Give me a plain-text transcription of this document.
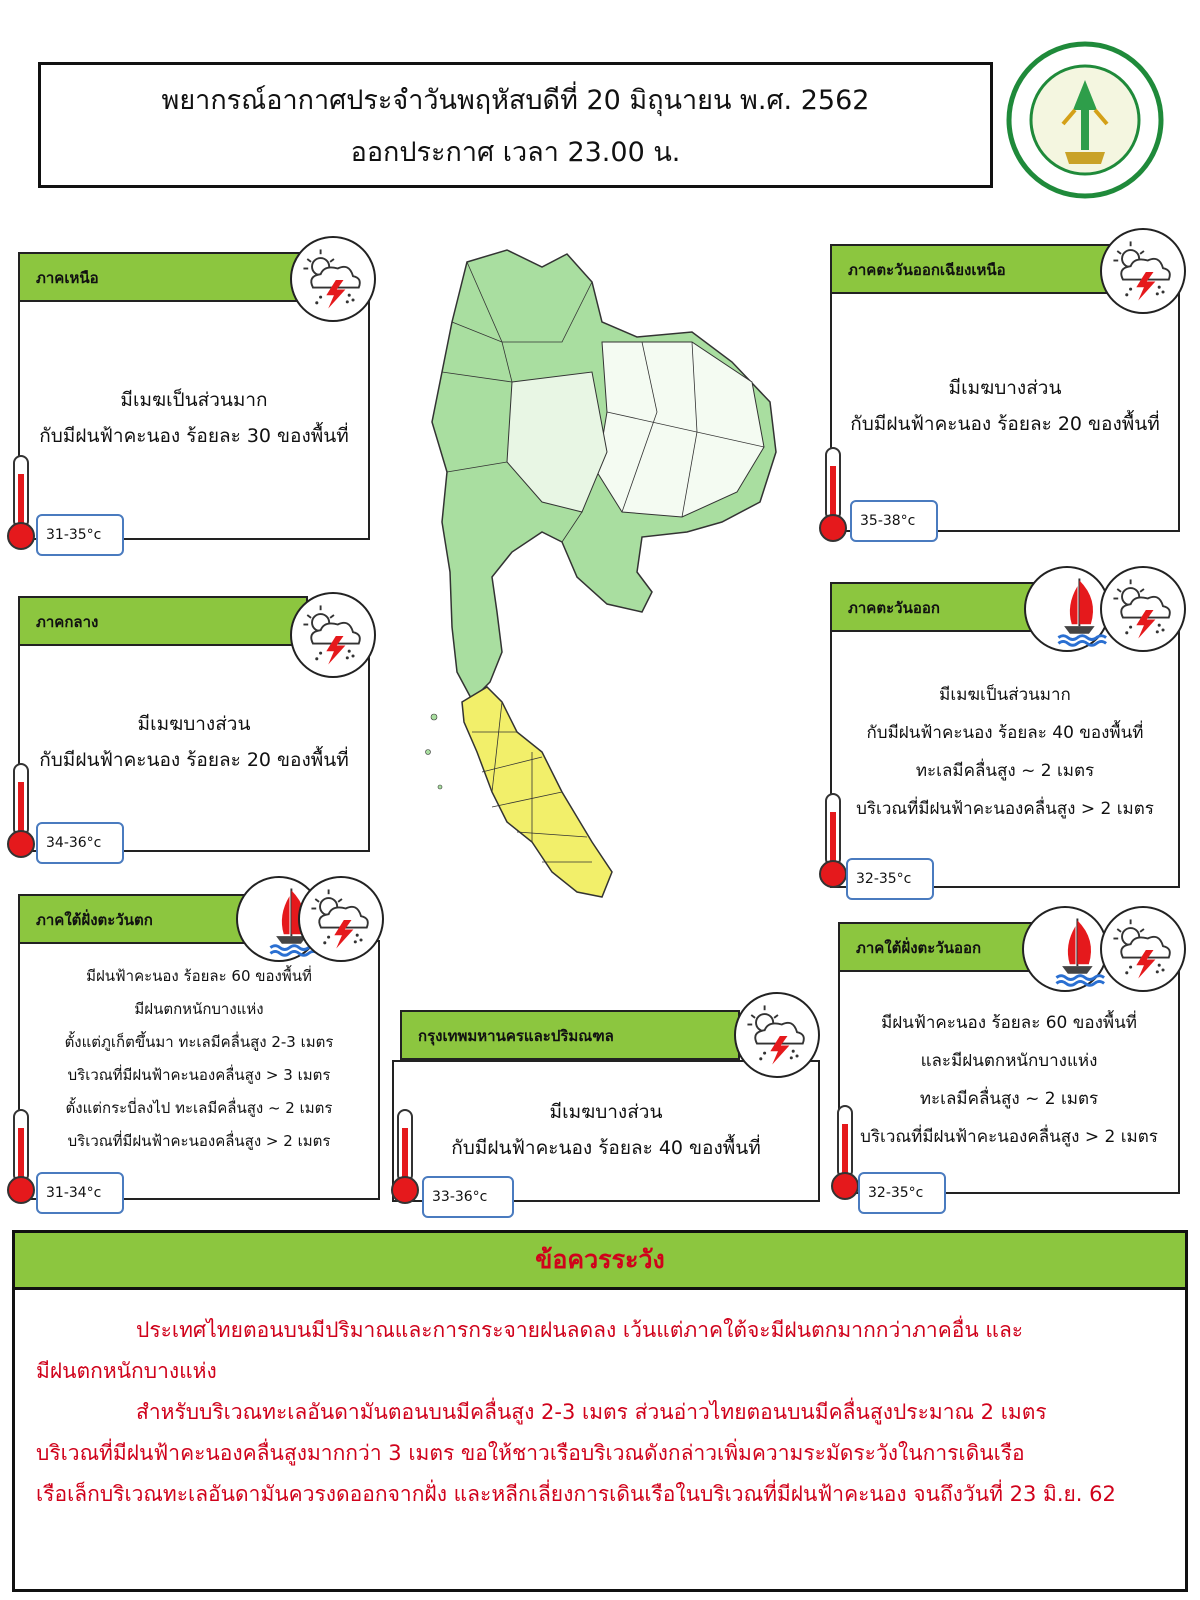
พยากรณ์อากาศประจำวันพฤหัสบดีที่ 20 มิถุนายน พ.ศ. 2562
ออกประกาศ เวลา 23.00 น.
ภาคเหนือ
มีเมฆเป็นส่วนมาก
กับมีฝนฟ้าคะนอง ร้อยละ 30 ของพื้นที่
31-35°c
ภาคตะวันออกเฉียงเหนือ
มีเมฆบางส่วน
กับมีฝนฟ้าคะนอง ร้อยละ 20 ของพื้นที่
35-38°c
ภาคกลาง
มีเมฆบางส่วน
กับมีฝนฟ้าคะนอง ร้อยละ 20 ของพื้นที่
34-36°c
ภาคตะวันออก
มีเมฆเป็นส่วนมาก
กับมีฝนฟ้าคะนอง ร้อยละ 40 ของพื้นที่
ทะเลมีคลื่นสูง ~ 2 เมตร
บริเวณที่มีฝนฟ้าคะนองคลื่นสูง > 2 เมตร
32-35°c
ภาคใต้ฝั่งตะวันตก
มีฝนฟ้าคะนอง ร้อยละ 60 ของพื้นที่
มีฝนตกหนักบางแห่ง
ตั้งแต่ภูเก็ตขึ้นมา ทะเลมีคลื่นสูง 2-3 เมตร
บริเวณที่มีฝนฟ้าคะนองคลื่นสูง > 3 เมตร
ตั้งแต่กระบี่ลงไป ทะเลมีคลื่นสูง ~ 2 เมตร
บริเวณที่มีฝนฟ้าคะนองคลื่นสูง > 2 เมตร
31-34°c
กรุงเทพมหานครและปริมณฑล
มีเมฆบางส่วน
กับมีฝนฟ้าคะนอง ร้อยละ 40 ของพื้นที่
33-36°c
ภาคใต้ฝั่งตะวันออก
มีฝนฟ้าคะนอง ร้อยละ 60 ของพื้นที่
และมีฝนตกหนักบางแห่ง
ทะเลมีคลื่นสูง ~ 2 เมตร
บริเวณที่มีฝนฟ้าคะนองคลื่นสูง > 2 เมตร
32-35°c
ข้อควรระวัง

ประเทศไทยตอนบนมีปริมาณและการกระจายฝนลดลง เว้นแต่ภาคใต้จะมีฝนตกมากกว่าภาคอื่น และ

มีฝนตกหนักบางแห่ง

สำหรับบริเวณทะเลอันดามันตอนบนมีคลื่นสูง 2-3 เมตร ส่วนอ่าวไทยตอนบนมีคลื่นสูงประมาณ 2 เมตร

บริเวณที่มีฝนฟ้าคะนองคลื่นสูงมากกว่า 3 เมตร ขอให้ชาวเรือบริเวณดังกล่าวเพิ่มความระมัดระวังในการเดินเรือ

เรือเล็กบริเวณทะเลอันดามันควรงดออกจากฝั่ง และหลีกเลี่ยงการเดินเรือในบริเวณที่มีฝนฟ้าคะนอง จนถึงวันที่ 23 มิ.ย. 62
